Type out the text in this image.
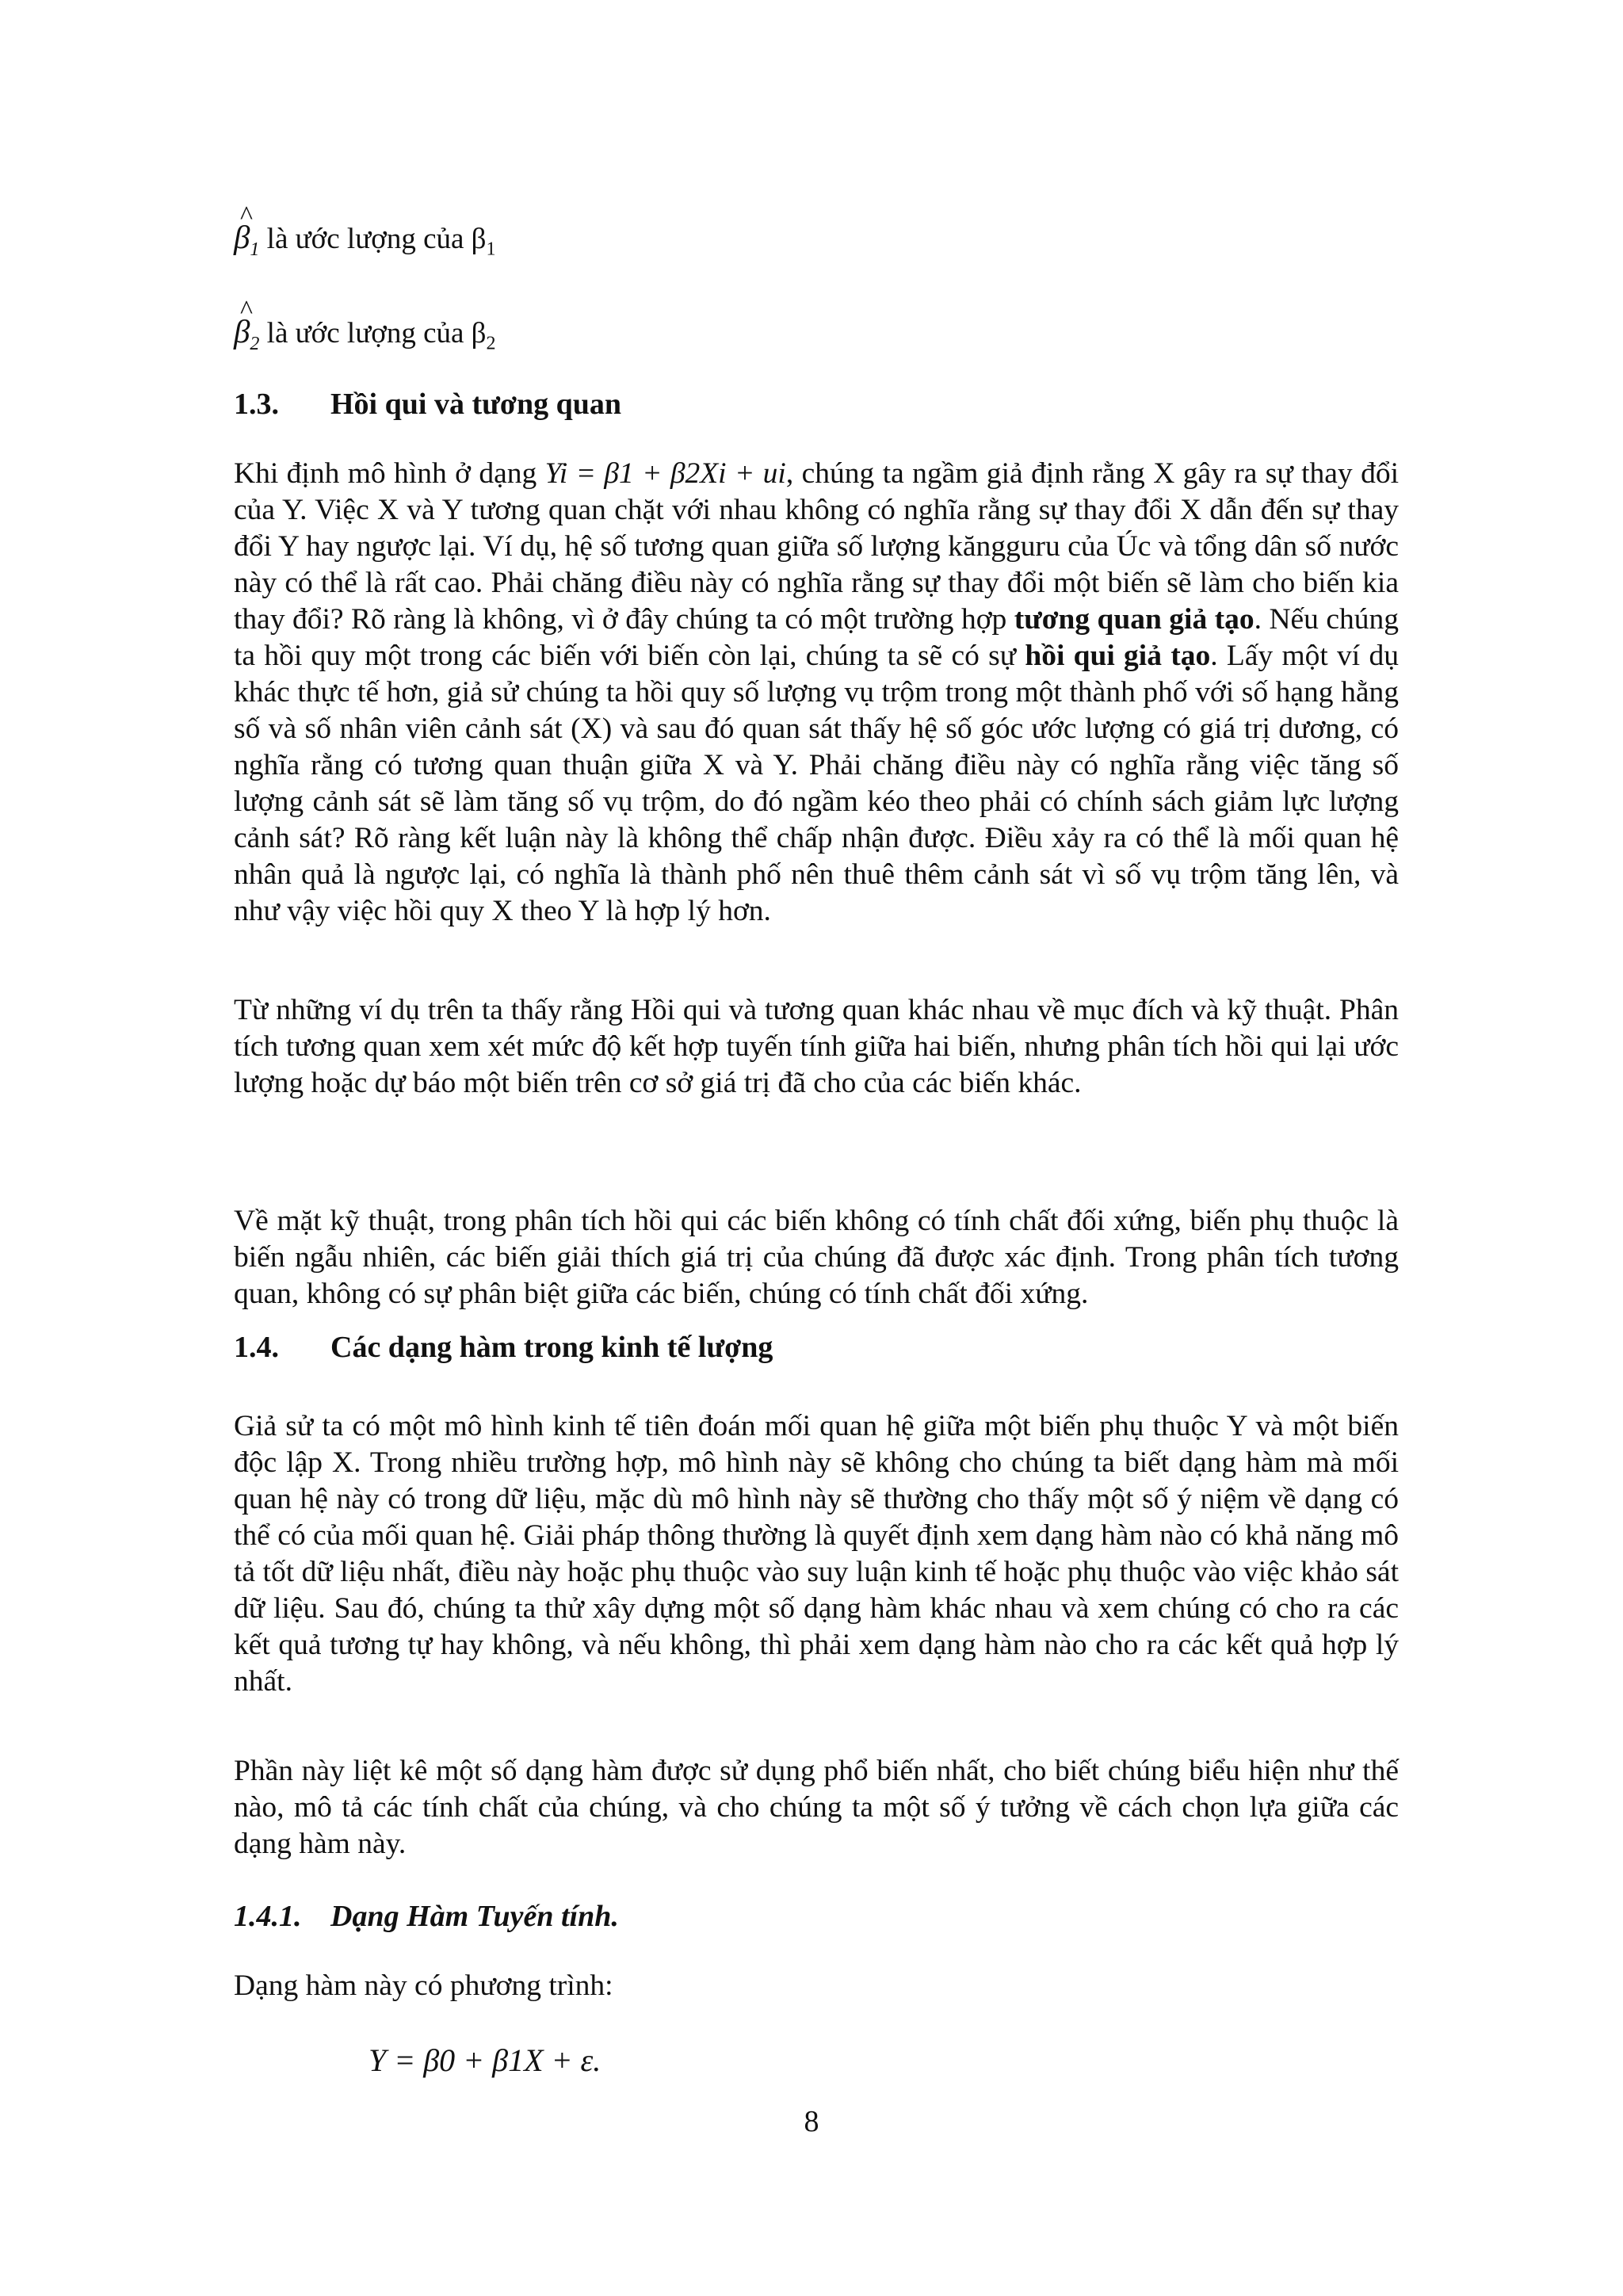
^ $\beta_1$ là ước lượng của $\beta_1$

^ $\beta_2$ là ước lượng của $\beta_2$

1.3. Hồi qui và tương quan

Khi định mô hình ở dạng Yi = β1 + β2Xi + ui, chúng ta ngầm giả định rằng X gây ra sự thay đổi của Y. Việc X và Y tương quan chặt với nhau không có nghĩa rằng sự thay đổi X dẫn đến sự thay đổi Y hay ngược lại. Ví dụ, hệ số tương quan giữa số lượng kăngguru của Úc và tổng dân số nước này có thể là rất cao. Phải chăng điều này có nghĩa rằng sự thay đổi một biến sẽ làm cho biến kia thay đổi? Rõ ràng là không, vì ở đây chúng ta có một trường hợp tương quan giả tạo. Nếu chúng ta hồi quy một trong các biến với biến còn lại, chúng ta sẽ có sự hồi qui giả tạo. Lấy một ví dụ khác thực tế hơn, giả sử chúng ta hồi quy số lượng vụ trộm trong một thành phố với số hạng hằng số và số nhân viên cảnh sát (X) và sau đó quan sát thấy hệ số góc ước lượng có giá trị dương, có nghĩa rằng có tương quan thuận giữa X và Y. Phải chăng điều này có nghĩa rằng việc tăng số lượng cảnh sát sẽ làm tăng số vụ trộm, do đó ngầm kéo theo phải có chính sách giảm lực lượng cảnh sát? Rõ ràng kết luận này là không thể chấp nhận được. Điều xảy ra có thể là mối quan hệ nhân quả là ngược lại, có nghĩa là thành phố nên thuê thêm cảnh sát vì số vụ trộm tăng lên, và như vậy việc hồi quy X theo Y là hợp lý hơn.

Từ những ví dụ trên ta thấy rằng Hồi qui và tương quan khác nhau về mục đích và kỹ thuật. Phân tích tương quan xem xét mức độ kết hợp tuyến tính giữa hai biến, nhưng phân tích hồi qui lại ước lượng hoặc dự báo một biến trên cơ sở giá trị đã cho của các biến khác.

Về mặt kỹ thuật, trong phân tích hồi qui các biến không có tính chất đối xứng, biến phụ thuộc là biến ngẫu nhiên, các biến giải thích giá trị của chúng đã được xác định. Trong phân tích tương quan, không có sự phân biệt giữa các biến, chúng có tính chất đối xứng.

1.4. Các dạng hàm trong kinh tế lượng

Giả sử ta có một mô hình kinh tế tiên đoán mối quan hệ giữa một biến phụ thuộc Y và một biến độc lập X. Trong nhiều trường hợp, mô hình này sẽ không cho chúng ta biết dạng hàm mà mối quan hệ này có trong dữ liệu, mặc dù mô hình này sẽ thường cho thấy một số ý niệm về dạng có thể có của mối quan hệ. Giải pháp thông thường là quyết định xem dạng hàm nào có khả năng mô tả tốt dữ liệu nhất, điều này hoặc phụ thuộc vào suy luận kinh tế hoặc phụ thuộc vào việc khảo sát dữ liệu. Sau đó, chúng ta thử xây dựng một số dạng hàm khác nhau và xem chúng có cho ra các kết quả tương tự hay không, và nếu không, thì phải xem dạng hàm nào cho ra các kết quả hợp lý nhất.

Phần này liệt kê một số dạng hàm được sử dụng phổ biến nhất, cho biết chúng biểu hiện như thế nào, mô tả các tính chất của chúng, và cho chúng ta một số ý tưởng về cách chọn lựa giữa các dạng hàm này.

1.4.1. Dạng Hàm Tuyến tính.

Dạng hàm này có phương trình:

Y = β0 + β1X + ε.
8
